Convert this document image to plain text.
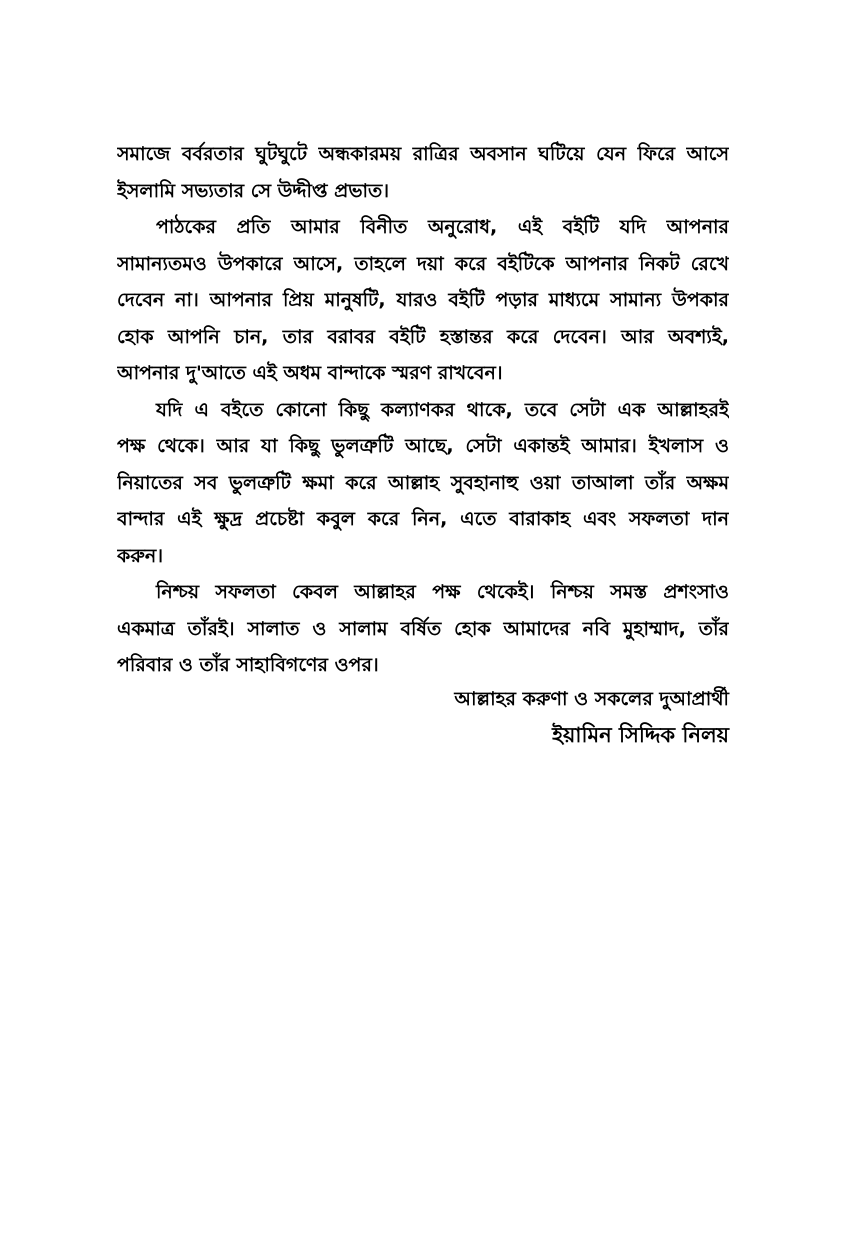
সমাজে বর্বরতার ঘুটঘুটে অন্ধকারময় রাত্রির অবসান ঘটিয়ে যেন ফিরে আসে
ইসলামি সভ্যতার সে উদ্দীপ্ত প্রভাত।
পাঠকের প্রতি আমার বিনীত অনুরোধ, এই বইটি যদি আপনার
সামান্যতমও উপকারে আসে, তাহলে দয়া করে বইটিকে আপনার নিকট রেখে
দেবেন না। আপনার প্রিয় মানুষটি, যারও বইটি পড়ার মাধ্যমে সামান্য উপকার
হোক আপনি চান, তার বরাবর বইটি হস্তান্তর করে দেবেন। আর অবশ্যই,
আপনার দু'আতে এই অধম বান্দাকে স্মরণ রাখবেন।
যদি এ বইতে কোনো কিছু কল্যাণকর থাকে, তবে সেটা এক আল্লাহরই
পক্ষ থেকে। আর যা কিছু ভুলত্রুটি আছে, সেটা একান্তই আমার। ইখলাস ও
নিয়াতের সব ভুলত্রুটি ক্ষমা করে আল্লাহ সুবহানাহু ওয়া তাআলা তাঁর অক্ষম
বান্দার এই ক্ষুদ্র প্রচেষ্টা কবুল করে নিন, এতে বারাকাহ এবং সফলতা দান
করুন।
নিশ্চয় সফলতা কেবল আল্লাহর পক্ষ থেকেই। নিশ্চয় সমস্ত প্রশংসাও
একমাত্র তাঁরই। সালাত ও সালাম বর্ষিত হোক আমাদের নবি মুহাম্মাদ, তাঁর
পরিবার ও তাঁর সাহাবিগণের ওপর।
আল্লাহর করুণা ও সকলের দুআপ্রার্থী
ইয়ামিন সিদ্দিক নিলয়
